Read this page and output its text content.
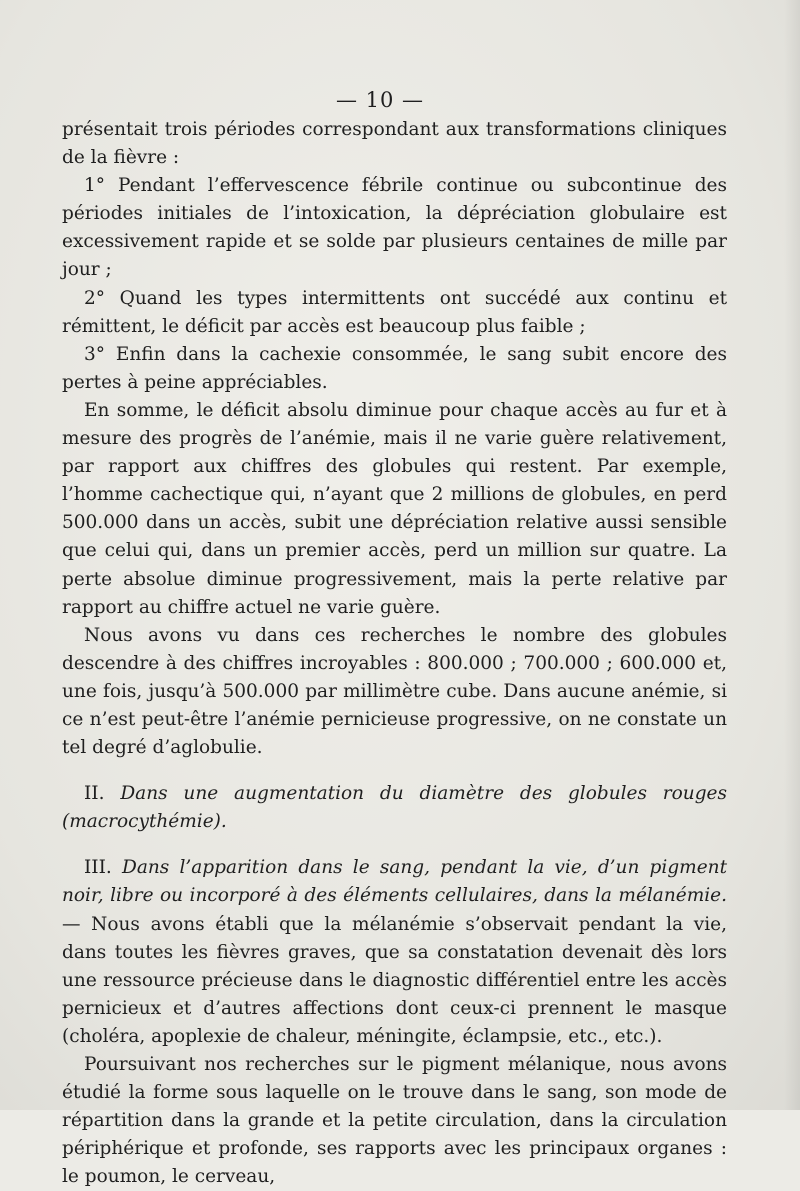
— 10 —

présentait trois périodes correspondant aux transformations cliniques de la fièvre :

1° Pendant l’effervescence fébrile continue ou subcontinue des périodes initiales de l’intoxication, la dépréciation globulaire est excessivement rapide et se solde par plusieurs centaines de mille par jour ;

2° Quand les types intermittents ont succédé aux continu et rémittent, le déficit par accès est beaucoup plus faible ;

3° Enfin dans la cachexie consommée, le sang subit encore des pertes à peine appréciables.

En somme, le déficit absolu diminue pour chaque accès au fur et à mesure des progrès de l’anémie, mais il ne varie guère relativement, par rapport aux chiffres des globules qui restent. Par exemple, l’homme cachectique qui, n’ayant que 2 millions de globules, en perd 500.000 dans un accès, subit une dépréciation relative aussi sensible que celui qui, dans un premier accès, perd un million sur quatre. La perte absolue diminue progressivement, mais la perte relative par rapport au chiffre actuel ne varie guère.

Nous avons vu dans ces recherches le nombre des globules descendre à des chiffres incroyables : 800.000 ; 700.000 ; 600.000 et, une fois, jusqu’à 500.000 par millimètre cube. Dans aucune anémie, si ce n’est peut-être l’anémie pernicieuse progressive, on ne constate un tel degré d’aglobulie.

II. Dans une augmentation du diamètre des globules rouges (macrocythémie).

III. Dans l’apparition dans le sang, pendant la vie, d’un pigment noir, libre ou incorporé à des éléments cellulaires, dans la mélanémie. — Nous avons établi que la mélanémie s’observait pendant la vie, dans toutes les fièvres graves, que sa constatation devenait dès lors une ressource précieuse dans le diagnostic différentiel entre les accès pernicieux et d’autres affections dont ceux-ci prennent le masque (choléra, apoplexie de chaleur, méningite, éclampsie, etc., etc.).

Poursuivant nos recherches sur le pigment mélanique, nous avons étudié la forme sous laquelle on le trouve dans le sang, son mode de répartition dans la grande et la petite circulation, dans la circulation périphérique et profonde, ses rapports avec les principaux organes : le poumon, le cerveau,
